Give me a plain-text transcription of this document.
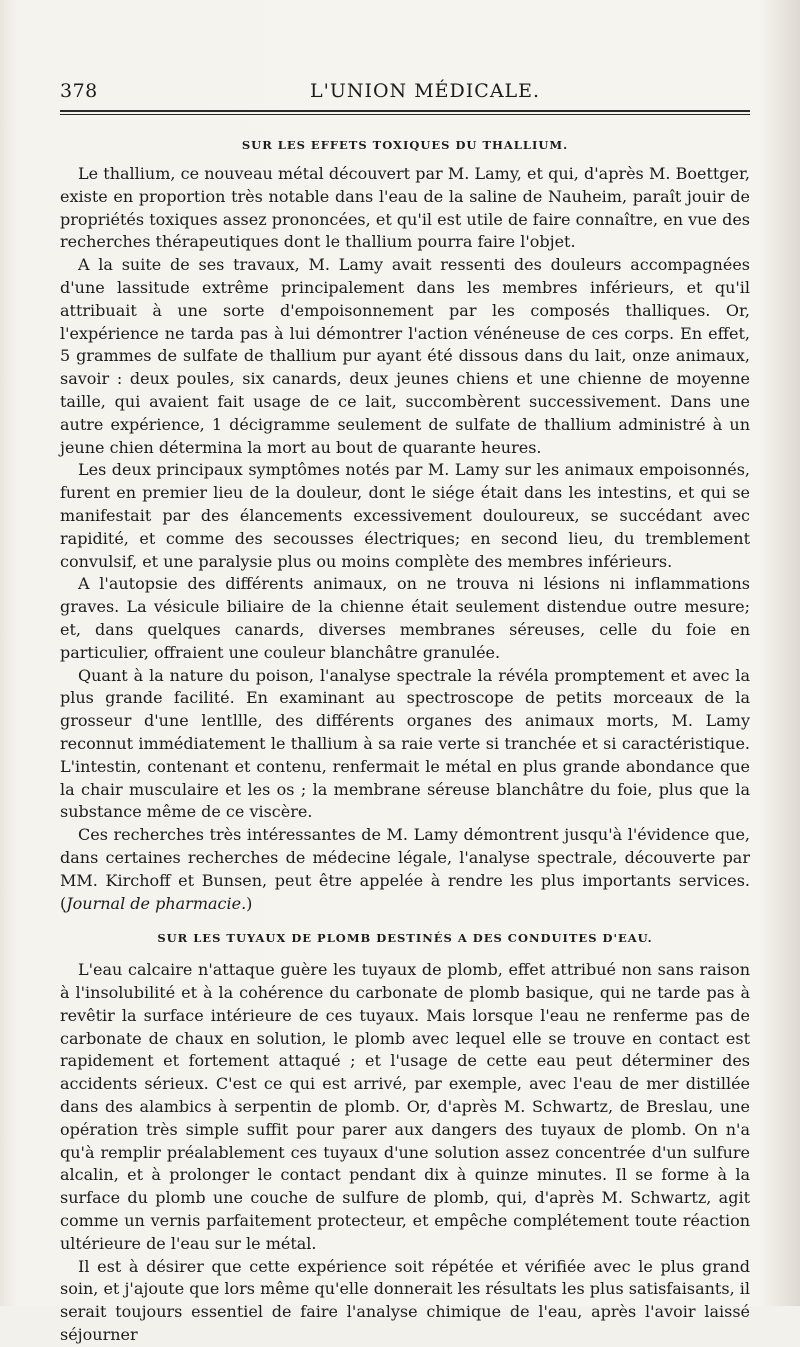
378	L'UNION MÉDICALE.
SUR LES EFFETS TOXIQUES DU THALLIUM.

Le thallium, ce nouveau métal découvert par M. Lamy, et qui, d'après M. Boettger, existe en proportion très notable dans l'eau de la saline de Nauheim, paraît jouir de propriétés toxiques assez prononcées, et qu'il est utile de faire connaître, en vue des recherches thérapeutiques dont le thallium pourra faire l'objet.

A la suite de ses travaux, M. Lamy avait ressenti des douleurs accompagnées d'une lassitude extrême principalement dans les membres inférieurs, et qu'il attribuait à une sorte d'empoisonnement par les composés thalliques. Or, l'expérience ne tarda pas à lui démontrer l'action vénéneuse de ces corps. En effet, 5 grammes de sulfate de thallium pur ayant été dissous dans du lait, onze animaux, savoir : deux poules, six canards, deux jeunes chiens et une chienne de moyenne taille, qui avaient fait usage de ce lait, succombèrent successivement. Dans une autre expérience, 1 décigramme seulement de sulfate de thallium administré à un jeune chien détermina la mort au bout de quarante heures.

Les deux principaux symptômes notés par M. Lamy sur les animaux empoisonnés, furent en premier lieu de la douleur, dont le siége était dans les intestins, et qui se manifestait par des élancements excessivement douloureux, se succédant avec rapidité, et comme des secousses électriques; en second lieu, du tremblement convulsif, et une paralysie plus ou moins complète des membres inférieurs.

A l'autopsie des différents animaux, on ne trouva ni lésions ni inflammations graves. La vésicule biliaire de la chienne était seulement distendue outre mesure; et, dans quelques canards, diverses membranes séreuses, celle du foie en particulier, offraient une couleur blanchâtre granulée.

Quant à la nature du poison, l'analyse spectrale la révéla promptement et avec la plus grande facilité. En examinant au spectroscope de petits morceaux de la grosseur d'une lentllle, des différents organes des animaux morts, M. Lamy reconnut immédiatement le thallium à sa raie verte si tranchée et si caractéristique. L'intestin, contenant et contenu, renfermait le métal en plus grande abondance que la chair musculaire et les os ; la membrane séreuse blanchâtre du foie, plus que la substance même de ce viscère.

Ces recherches très intéressantes de M. Lamy démontrent jusqu'à l'évidence que, dans certaines recherches de médecine légale, l'analyse spectrale, découverte par MM. Kirchoff et Bunsen, peut être appelée à rendre les plus importants services. (Journal de pharmacie.)

SUR LES TUYAUX DE PLOMB DESTINÉS A DES CONDUITES D'EAU.

L'eau calcaire n'attaque guère les tuyaux de plomb, effet attribué non sans raison à l'insolubilité et à la cohérence du carbonate de plomb basique, qui ne tarde pas à revêtir la surface intérieure de ces tuyaux. Mais lorsque l'eau ne renferme pas de carbonate de chaux en solution, le plomb avec lequel elle se trouve en contact est rapidement et fortement attaqué ; et l'usage de cette eau peut déterminer des accidents sérieux. C'est ce qui est arrivé, par exemple, avec l'eau de mer distillée dans des alambics à serpentin de plomb. Or, d'après M. Schwartz, de Breslau, une opération très simple suffit pour parer aux dangers des tuyaux de plomb. On n'a qu'à remplir préalablement ces tuyaux d'une solution assez concentrée d'un sulfure alcalin, et à prolonger le contact pendant dix à quinze minutes. Il se forme à la surface du plomb une couche de sulfure de plomb, qui, d'après M. Schwartz, agit comme un vernis parfaitement protecteur, et empêche complétement toute réaction ultérieure de l'eau sur le métal.

Il est à désirer que cette expérience soit répétée et vérifiée avec le plus grand soin, et j'ajoute que lors même qu'elle donnerait les résultats les plus satisfaisants, il serait toujours essentiel de faire l'analyse chimique de l'eau, après l'avoir laissé séjourner
